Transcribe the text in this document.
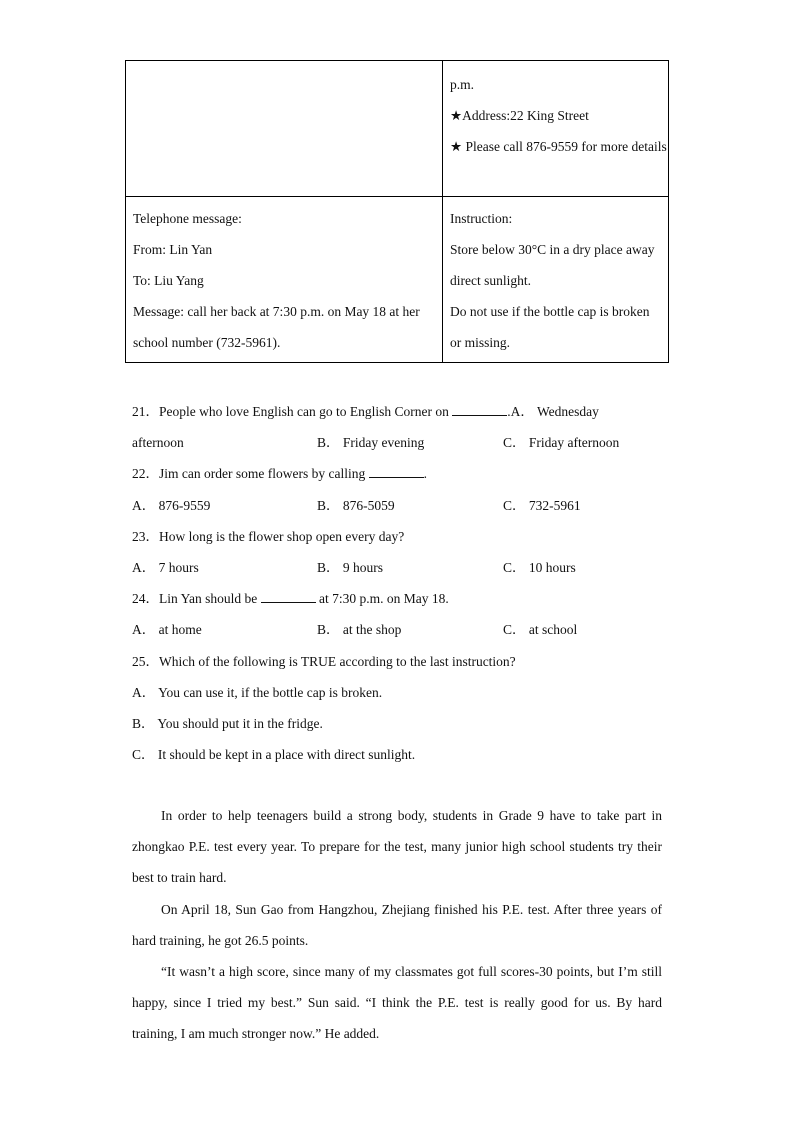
p.m.
★Address:22 King Street
★ Please call 876-9559 for more details
Telephone message:
From: Lin Yan
To: Liu Yang
Message: call her back at 7:30 p.m. on May 18 at her
school number (732-5961).
Instruction:
Store below 30°C in a dry place away
direct sunlight.
Do not use if the bottle cap is broken
or missing.
21．People who love English can go to English Corner on	.A． Wednesday
afternoon	B． Friday evening	C． Friday afternoon
22．Jim can order some flowers by calling	.
A． 876-9559	B． 876-5059	C． 732-5961
23．How long is the flower shop open every day?
A． 7 hours	B． 9 hours	C． 10 hours
24．Lin Yan should be	at 7:30 p.m. on May 18.
A． at home	B． at the shop	C． at school
25．Which of the following is TRUE according to the last instruction?
A． You can use it, if the bottle cap is broken.
B． You should put it in the fridge.
C． It should be kept in a place with direct sunlight.

In order to help teenagers build a strong body, students in Grade 9 have to take part in zhongkao P.E. test every year. To prepare for the test, many junior high school students try their best to train hard.

On April 18, Sun Gao from Hangzhou, Zhejiang finished his P.E. test. After three years of hard training, he got 26.5 points.

“It wasn’t a high score, since many of my classmates got full scores-30 points, but I’m still happy, since I tried my best.” Sun said. “I think the P.E. test is really good for us. By hard training, I am much stronger now.” He added.
